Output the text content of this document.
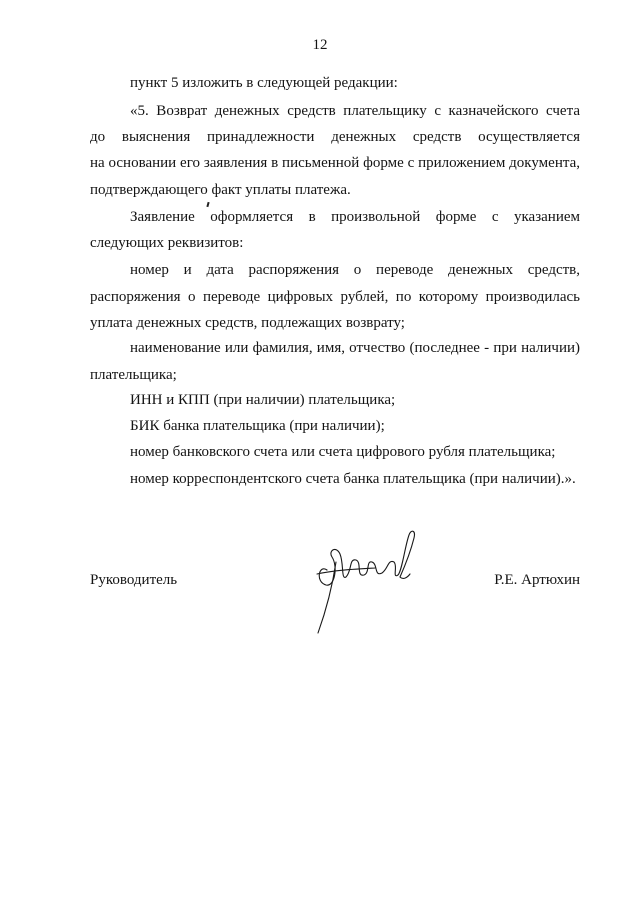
12
пункт 5 изложить в следующей редакции:
«5. Возврат денежных средств плательщику с казначейского счета
до выяснения принадлежности денежных средств осуществляется
на основании его заявления в письменной форме с приложением документа,
подтверждающего факт уплаты платежа.
Заявление оформляется в произвольной форме с указанием
следующих реквизитов:
номер и дата распоряжения о переводе денежных средств,
распоряжения о переводе цифровых рублей, по которому производилась
уплата денежных средств, подлежащих возврату;
наименование или фамилия, имя, отчество (последнее - при наличии)
плательщика;
ИНН и КПП (при наличии) плательщика;
БИК банка плательщика (при наличии);
номер банковского счета или счета цифрового рубля плательщика;
номер корреспондентского счета банка плательщика (при наличии).».
Руководитель	Р.Е. Артюхин
